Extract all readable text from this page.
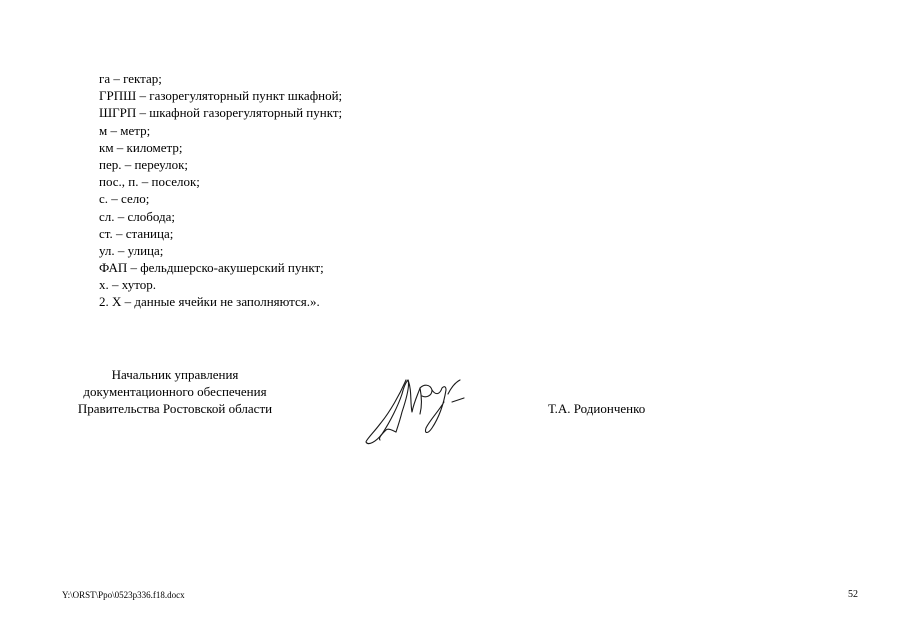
га – гектар;
ГРПШ – газорегуляторный пункт шкафной;
ШГРП – шкафной газорегуляторный пункт;
м – метр;
км – километр;
пер. – переулок;
пос., п. – поселок;
с. – село;
сл. – слобода;
ст. – станица;
ул. – улица;
ФАП – фельдшерско-акушерский пункт;
х. – хутор.
2. Х – данные ячейки не заполняются.».
Начальник управления
документационного обеспечения
Правительства Ростовской области	Т.А. Родионченко
Y:\ORST\Ppo\0523p336.f18.docx	52
